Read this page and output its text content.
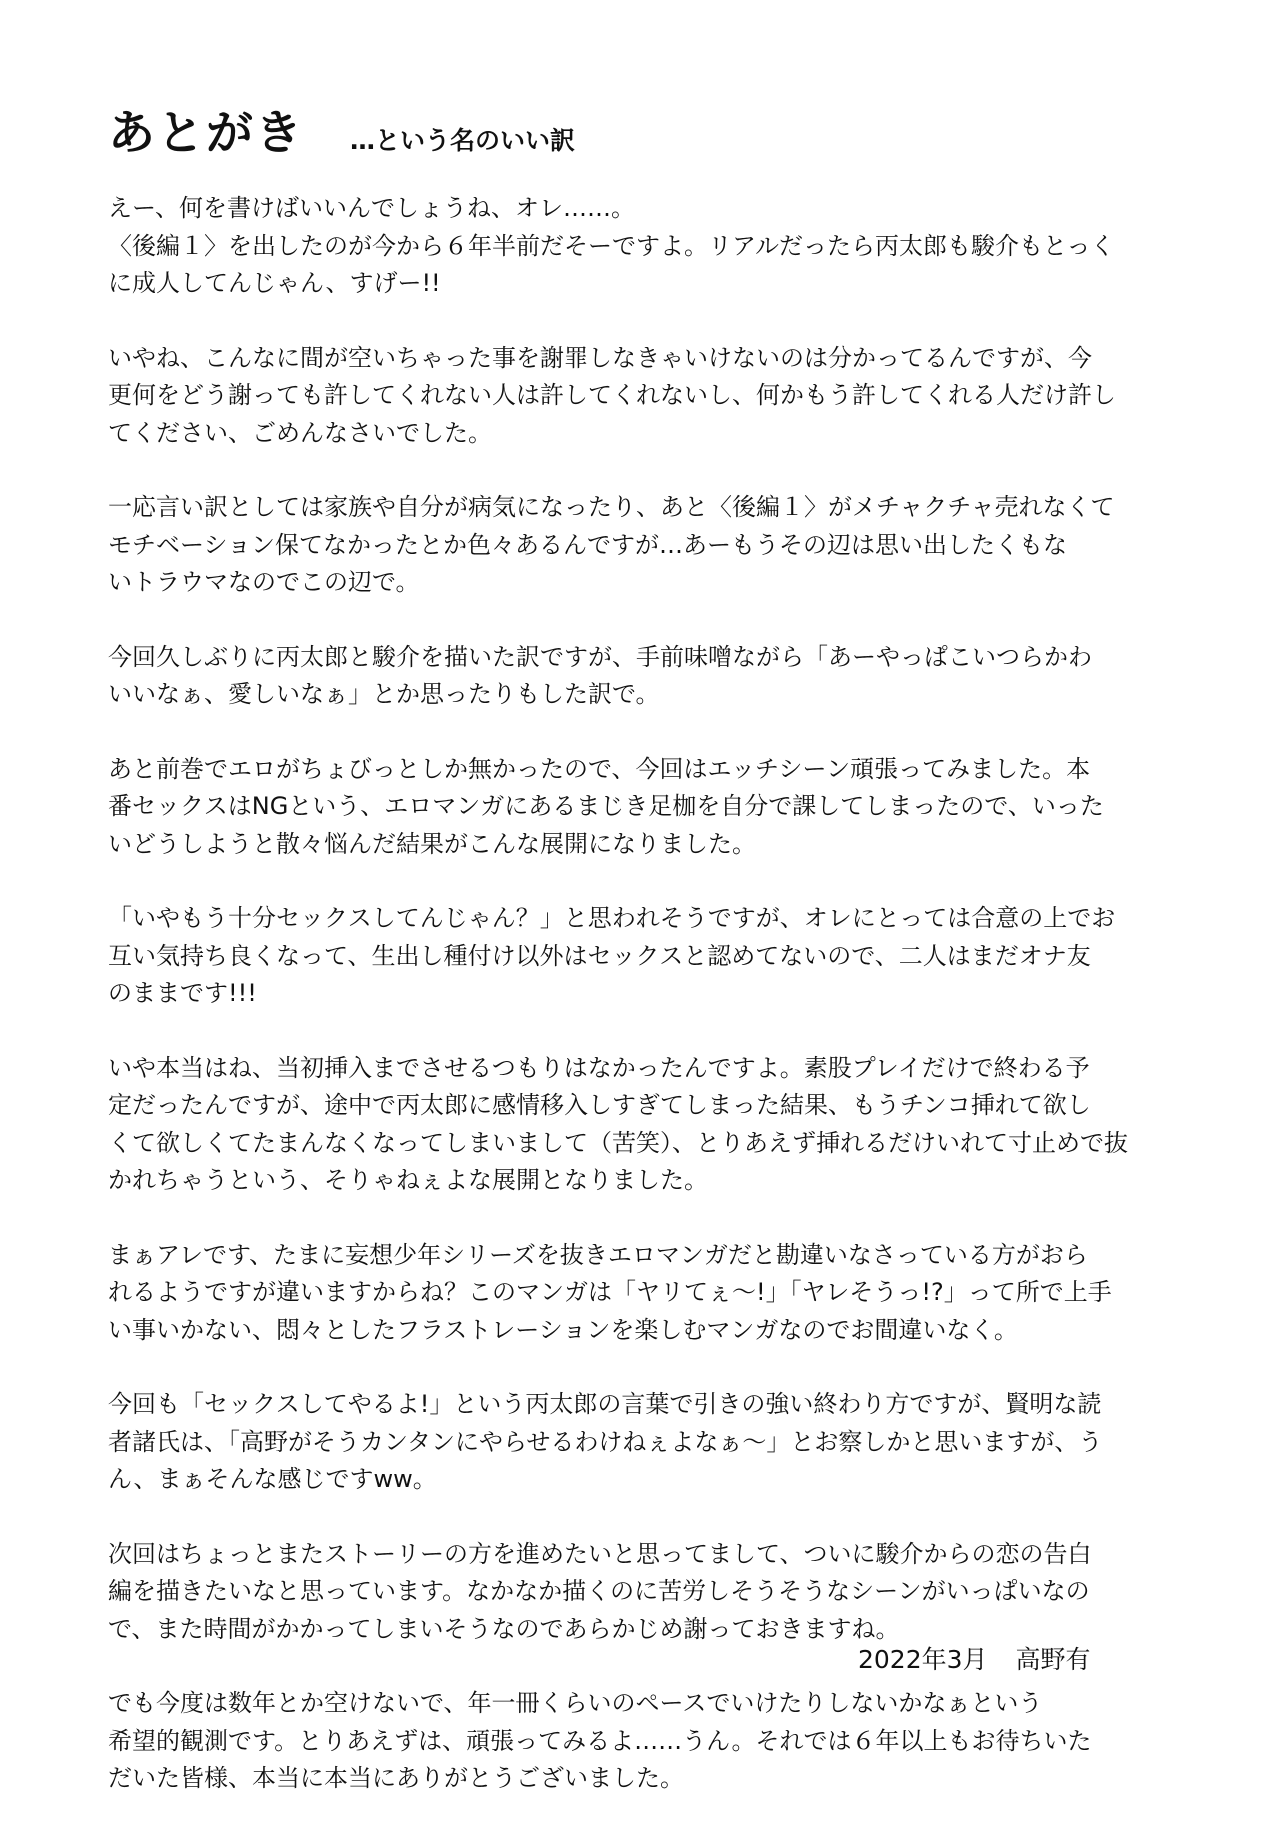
あとがき …という名のいい訳
えー、何を書けばいいんでしょうね、オレ……。
〈後編１〉を出したのが今から６年半前だそーですよ。リアルだったら丙太郎も駿介もとっく
に成人してんじゃん、すげー!!
いやね、こんなに間が空いちゃった事を謝罪しなきゃいけないのは分かってるんですが、今
更何をどう謝っても許してくれない人は許してくれないし、何かもう許してくれる人だけ許し
てください、ごめんなさいでした。
一応言い訳としては家族や自分が病気になったり、あと〈後編１〉がメチャクチャ売れなくて
モチベーション保てなかったとか色々あるんですが…あーもうその辺は思い出したくもな
いトラウマなのでこの辺で。
今回久しぶりに丙太郎と駿介を描いた訳ですが、手前味噌ながら「あーやっぱこいつらかわ
いいなぁ、愛しいなぁ」とか思ったりもした訳で。
あと前巻でエロがちょびっとしか無かったので、今回はエッチシーン頑張ってみました。本
番セックスはNGという、エロマンガにあるまじき足枷を自分で課してしまったので、いった
いどうしようと散々悩んだ結果がこんな展開になりました。
「いやもう十分セックスしてんじゃん？」と思われそうですが、オレにとっては合意の上でお
互い気持ち良くなって、生出し種付け以外はセックスと認めてないので、二人はまだオナ友
のままです!!!
いや本当はね、当初挿入までさせるつもりはなかったんですよ。素股プレイだけで終わる予
定だったんですが、途中で丙太郎に感情移入しすぎてしまった結果、もうチンコ挿れて欲し
くて欲しくてたまんなくなってしまいまして（苦笑）、とりあえず挿れるだけいれて寸止めで抜
かれちゃうという、そりゃねぇよな展開となりました。
まぁアレです、たまに妄想少年シリーズを抜きエロマンガだと勘違いなさっている方がおら
れるようですが違いますからね？このマンガは「ヤリてぇ〜!」「ヤレそうっ!?」って所で上手
い事いかない、悶々としたフラストレーションを楽しむマンガなのでお間違いなく。
今回も「セックスしてやるよ!」という丙太郎の言葉で引きの強い終わり方ですが、賢明な読
者諸氏は、「高野がそうカンタンにやらせるわけねぇよなぁ〜」とお察しかと思いますが、う
ん、まぁそんな感じですww。
次回はちょっとまたストーリーの方を進めたいと思ってまして、ついに駿介からの恋の告白
編を描きたいなと思っています。なかなか描くのに苦労しそうそうなシーンがいっぱいなの
で、また時間がかかってしまいそうなのであらかじめ謝っておきますね。
でも今度は数年とか空けないで、年一冊くらいのペースでいけたりしないかなぁという
希望的観測です。とりあえずは、頑張ってみるよ……うん。それでは６年以上もお待ちいた
だいた皆様、本当に本当にありがとうございました。
2022年3月 高野有
